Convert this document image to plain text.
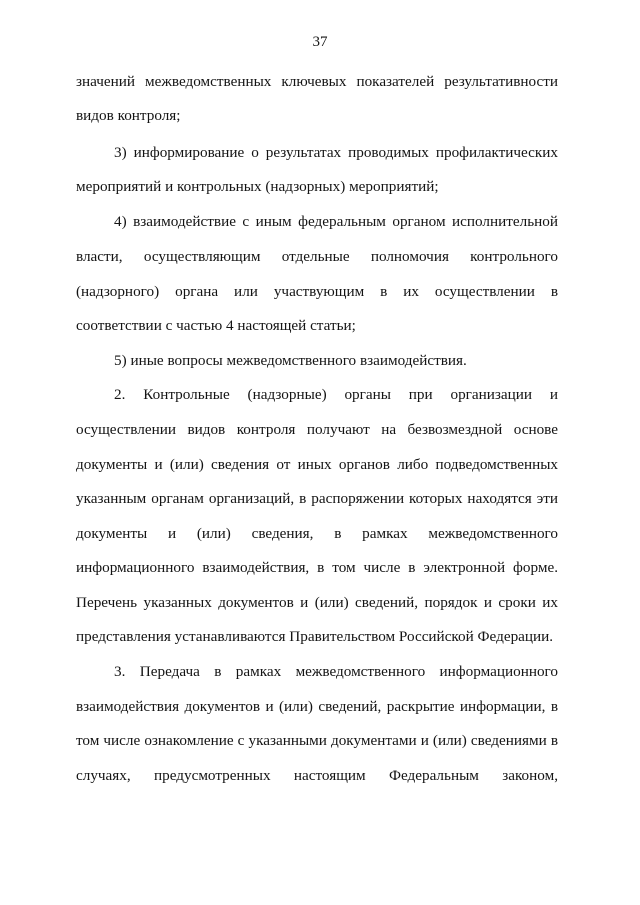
37
значений межведомственных ключевых показателей результативности
видов контроля;
3) информирование о результатах проводимых профилактических
мероприятий и контрольных (надзорных) мероприятий;
4) взаимодействие с иным федеральным органом исполнительной
власти, осуществляющим отдельные полномочия контрольного
(надзорного) органа или участвующим в их осуществлении в
соответствии с частью 4 настоящей статьи;
5) иные вопросы межведомственного взаимодействия.
2. Контрольные (надзорные) органы при организации и
осуществлении видов контроля получают на безвозмездной основе
документы и (или) сведения от иных органов либо подведомственных
указанным органам организаций, в распоряжении которых находятся эти
документы и (или) сведения, в рамках межведомственного
информационного взаимодействия, в том числе в электронной форме.
Перечень указанных документов и (или) сведений, порядок и сроки их
представления устанавливаются Правительством Российской Федерации.
3. Передача в рамках межведомственного информационного
взаимодействия документов и (или) сведений, раскрытие информации, в
том числе ознакомление с указанными документами и (или) сведениями в
случаях, предусмотренных настоящим Федеральным законом,
